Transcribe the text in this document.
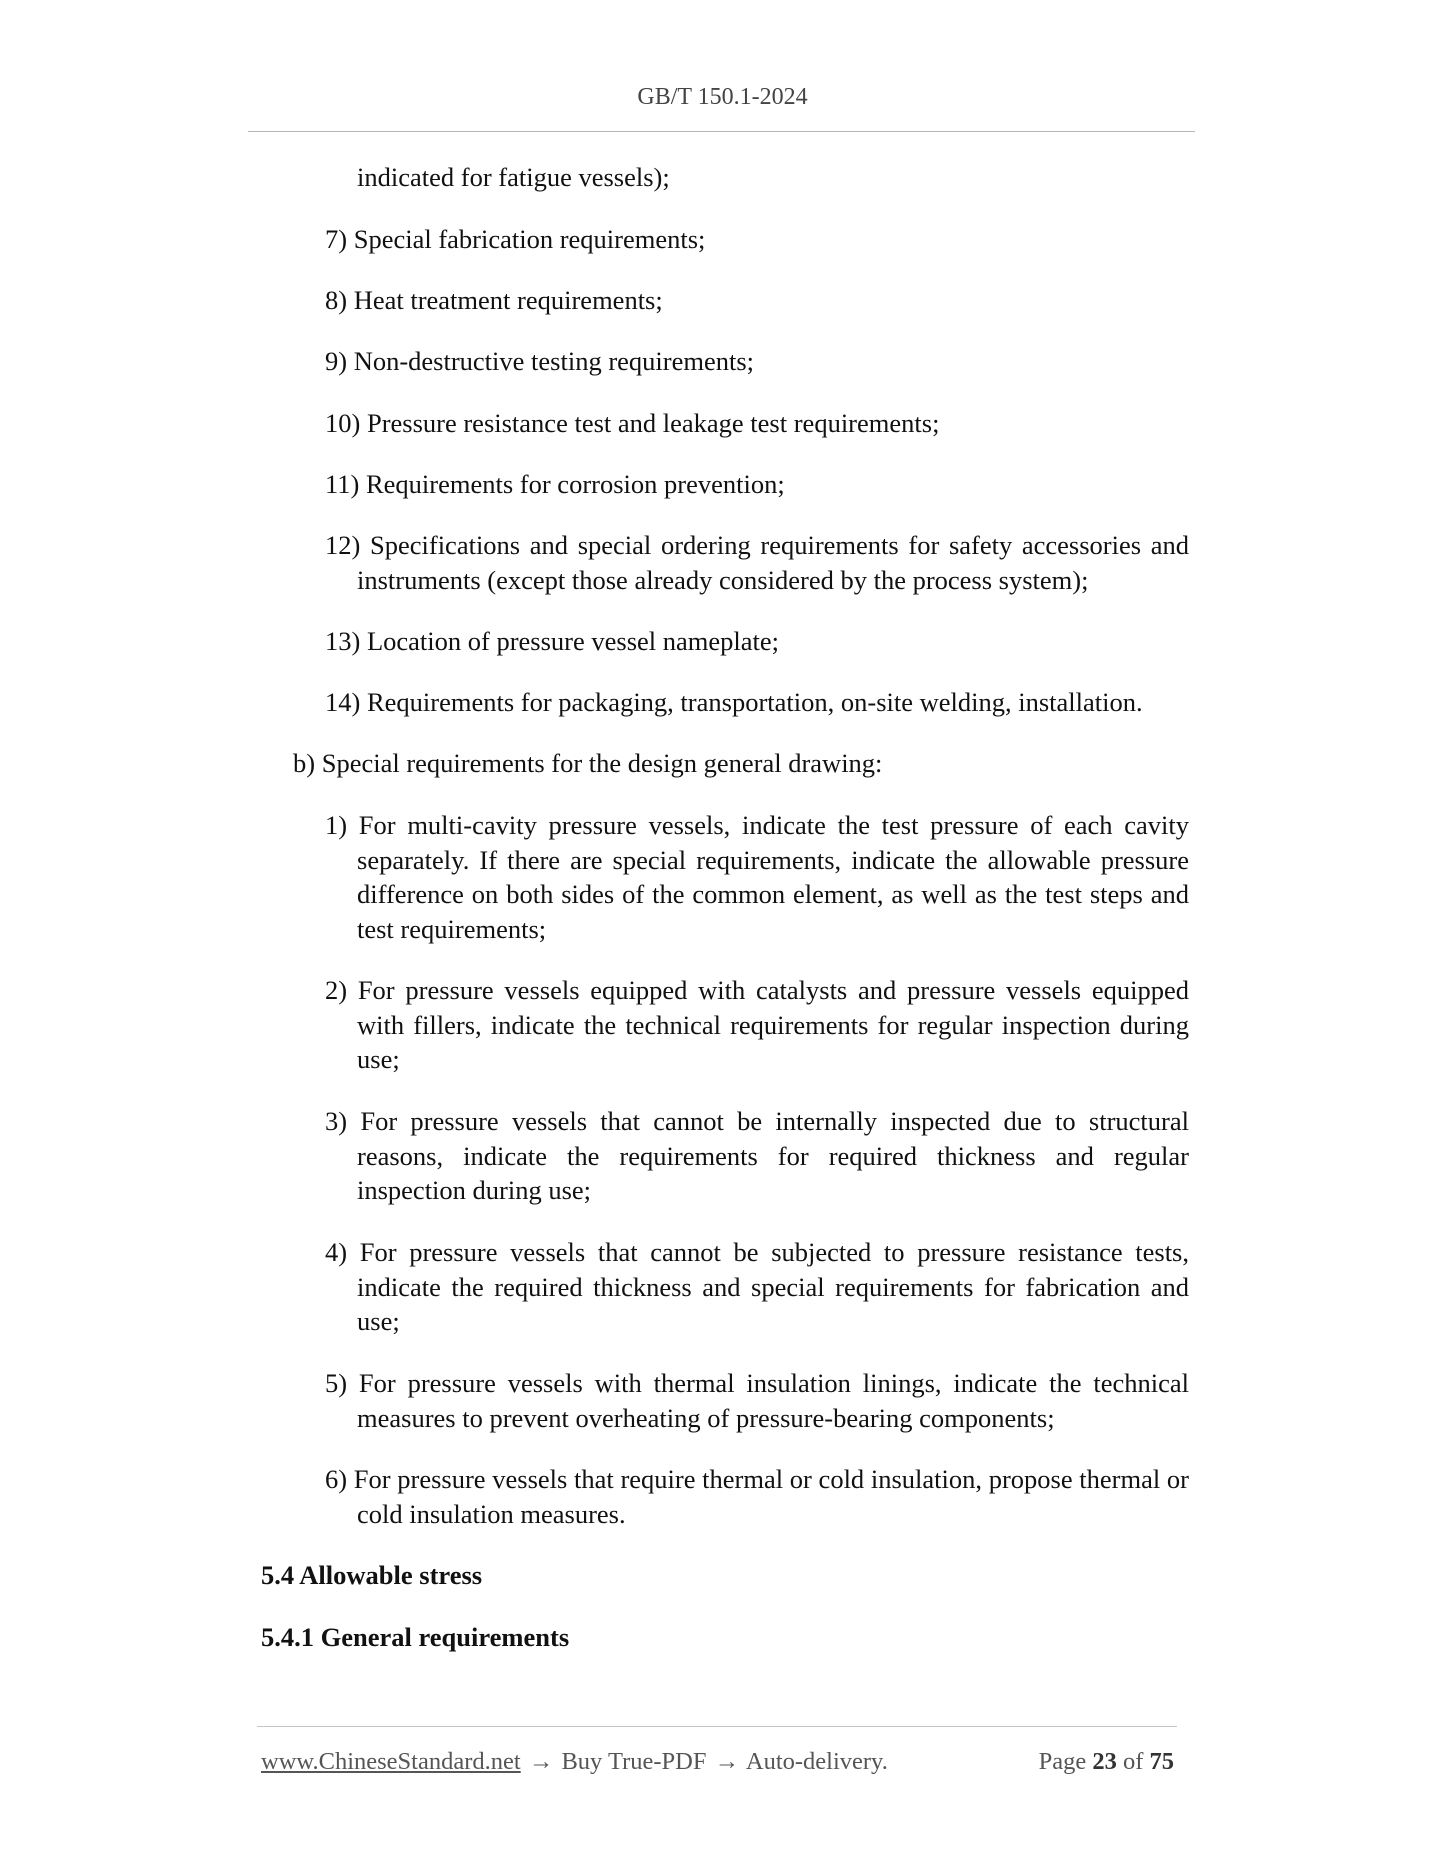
GB/T 150.1-2024
indicated for fatigue vessels);
7) Special fabrication requirements;
8) Heat treatment requirements;
9) Non-destructive testing requirements;
10) Pressure resistance test and leakage test requirements;
11) Requirements for corrosion prevention;
12) Specifications and special ordering requirements for safety accessories and
instruments (except those already considered by the process system);
13) Location of pressure vessel nameplate;
14) Requirements for packaging, transportation, on-site welding, installation.
b) Special requirements for the design general drawing:
1) For multi-cavity pressure vessels, indicate the test pressure of each cavity
separately. If there are special requirements, indicate the allowable pressure
difference on both sides of the common element, as well as the test steps and
test requirements;
2) For pressure vessels equipped with catalysts and pressure vessels equipped
with fillers, indicate the technical requirements for regular inspection during
use;
3) For pressure vessels that cannot be internally inspected due to structural
reasons, indicate the requirements for required thickness and regular
inspection during use;
4) For pressure vessels that cannot be subjected to pressure resistance tests,
indicate the required thickness and special requirements for fabrication and
use;
5) For pressure vessels with thermal insulation linings, indicate the technical
measures to prevent overheating of pressure-bearing components;
6) For pressure vessels that require thermal or cold insulation, propose thermal or
cold insulation measures.
5.4 Allowable stress
5.4.1 General requirements
www.ChineseStandard.net → Buy True-PDF → Auto-delivery.	Page 23 of 75
